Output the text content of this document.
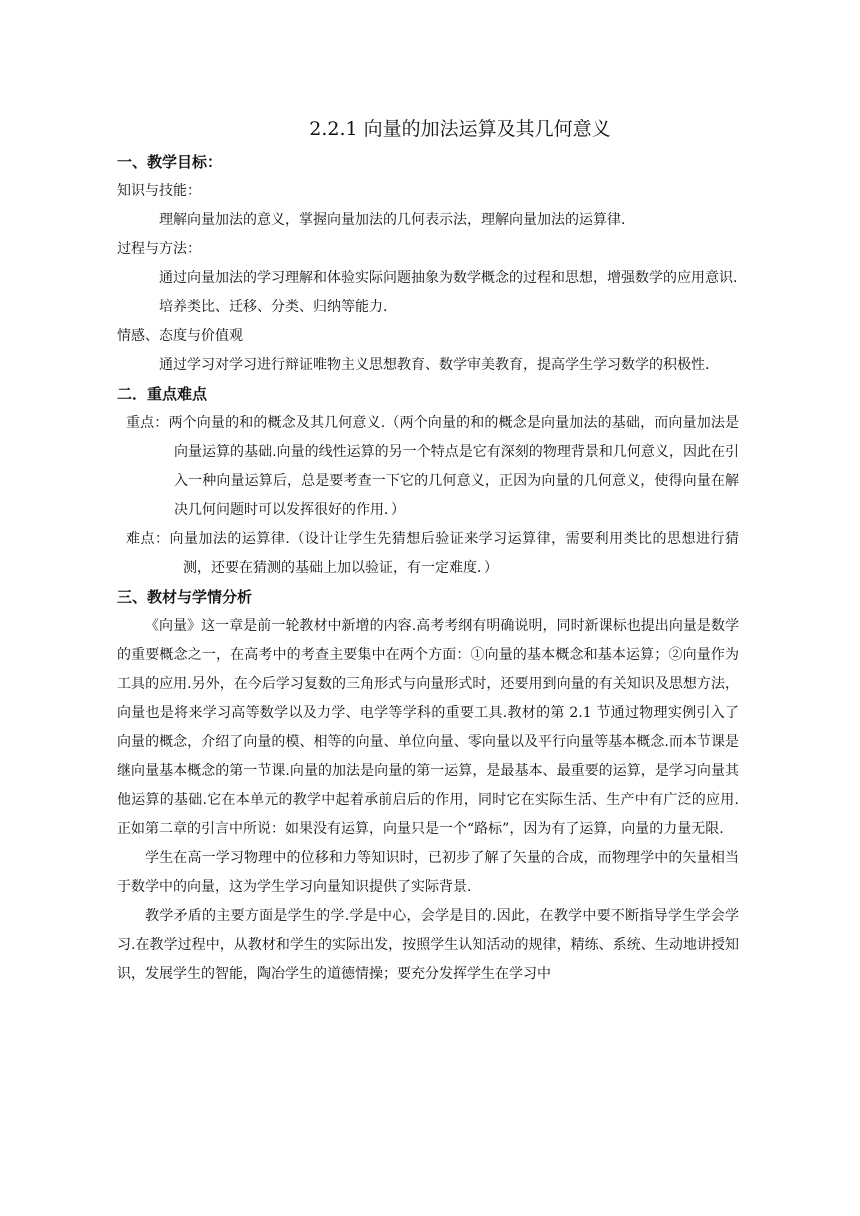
2.2.1 向量的加法运算及其几何意义

一、教学目标：

知识与技能：

理解向量加法的意义，掌握向量加法的几何表示法，理解向量加法的运算律.

过程与方法：

通过向量加法的学习理解和体验实际问题抽象为数学概念的过程和思想，增强数学的应用意识.

培养类比、迁移、分类、归纳等能力.

情感、态度与价值观

通过学习对学习进行辩证唯物主义思想教育、数学审美教育，提高学生学习数学的积极性.

二．重点难点

重点：两个向量的和的概念及其几何意义.（两个向量的和的概念是向量加法的基础，而向量加法是向量运算的基础.向量的线性运算的另一个特点是它有深刻的物理背景和几何意义，因此在引入一种向量运算后，总是要考查一下它的几何意义，正因为向量的几何意义，使得向量在解决几何问题时可以发挥很好的作用．）

难点：向量加法的运算律.（设计让学生先猜想后验证来学习运算律，需要利用类比的思想进行猜测，还要在猜测的基础上加以验证，有一定难度．）

三、教材与学情分析

《向量》这一章是前一轮教材中新增的内容.高考考纲有明确说明，同时新课标也提出向量是数学的重要概念之一，在高考中的考查主要集中在两个方面：①向量的基本概念和基本运算；②向量作为工具的应用.另外，在今后学习复数的三角形式与向量形式时，还要用到向量的有关知识及思想方法，向量也是将来学习高等数学以及力学、电学等学科的重要工具.教材的第 2.1 节通过物理实例引入了向量的概念，介绍了向量的模、相等的向量、单位向量、零向量以及平行向量等基本概念.而本节课是继向量基本概念的第一节课.向量的加法是向量的第一运算，是最基本、最重要的运算，是学习向量其他运算的基础.它在本单元的教学中起着承前启后的作用，同时它在实际生活、生产中有广泛的应用.正如第二章的引言中所说：如果没有运算，向量只是一个“路标”，因为有了运算，向量的力量无限.

学生在高一学习物理中的位移和力等知识时，已初步了解了矢量的合成，而物理学中的矢量相当于数学中的向量，这为学生学习向量知识提供了实际背景.

教学矛盾的主要方面是学生的学.学是中心，会学是目的.因此，在教学中要不断指导学生学会学习.在教学过程中，从教材和学生的实际出发，按照学生认知活动的规律，精练、系统、生动地讲授知识，发展学生的智能，陶冶学生的道德情操；要充分发挥学生在学习中
